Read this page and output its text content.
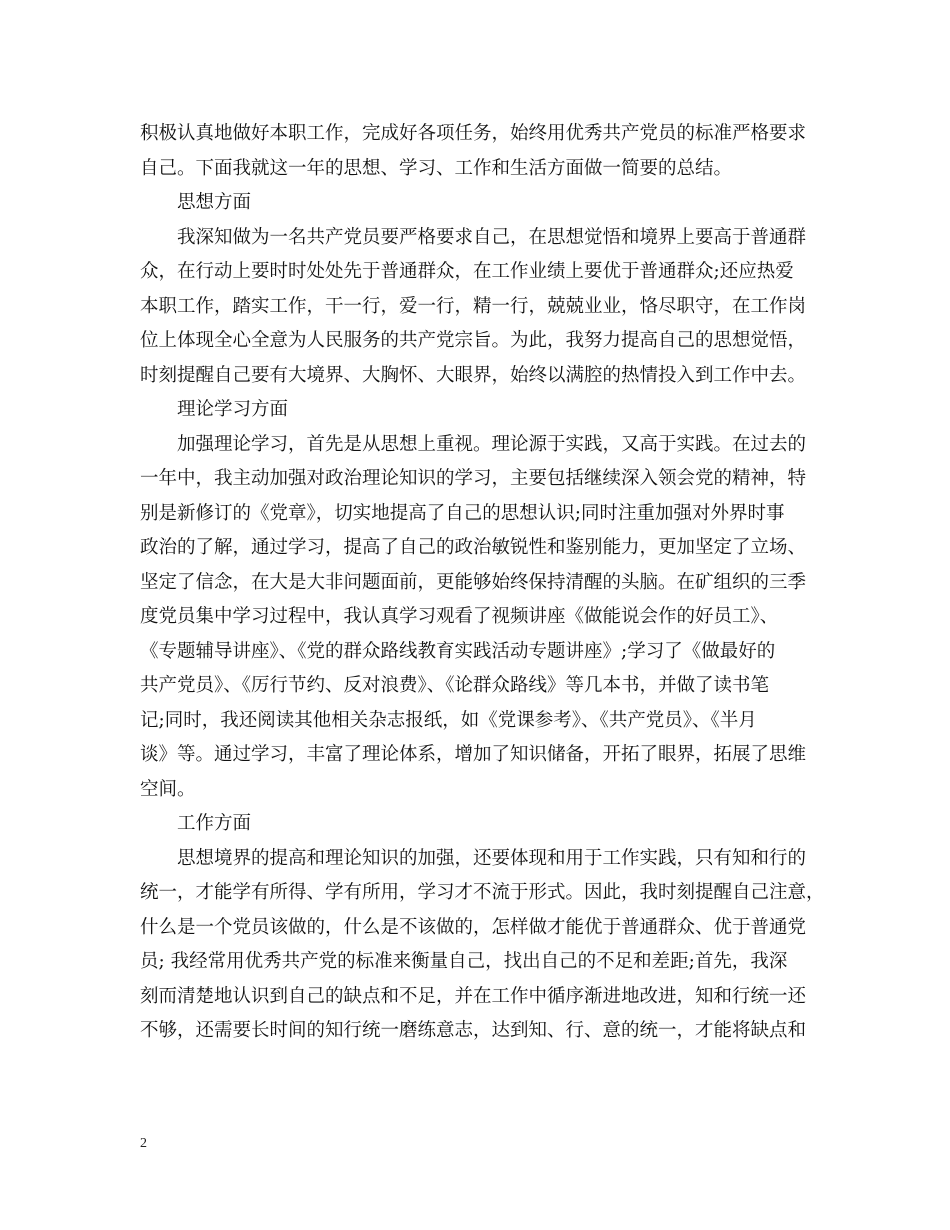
积极认真地做好本职工作，完成好各项任务，始终用优秀共产党员的标准严格要求
自己。下面我就这一年的思想、学习、工作和生活方面做一简要的总结。
思想方面
我深知做为一名共产党员要严格要求自己，在思想觉悟和境界上要高于普通群
众，在行动上要时时处处先于普通群众，在工作业绩上要优于普通群众;还应热爱
本职工作，踏实工作，干一行，爱一行，精一行，兢兢业业，恪尽职守，在工作岗
位上体现全心全意为人民服务的共产党宗旨。为此，我努力提高自己的思想觉悟，
时刻提醒自己要有大境界、大胸怀、大眼界，始终以满腔的热情投入到工作中去。
理论学习方面
加强理论学习，首先是从思想上重视。理论源于实践，又高于实践。在过去的
一年中，我主动加强对政治理论知识的学习，主要包括继续深入领会党的精神，特
别是新修订的《党章》，切实地提高了自己的思想认识;同时注重加强对外界时事
政治的了解，通过学习，提高了自己的政治敏锐性和鉴别能力，更加坚定了立场、
坚定了信念，在大是大非问题面前，更能够始终保持清醒的头脑。在矿组织的三季
度党员集中学习过程中，我认真学习观看了视频讲座《做能说会作的好员工》、
《专题辅导讲座》、《党的群众路线教育实践活动专题讲座》;学习了《做最好的
共产党员》、《厉行节约、反对浪费》、《论群众路线》等几本书，并做了读书笔
记;同时，我还阅读其他相关杂志报纸，如《党课参考》、《共产党员》、《半月
谈》等。通过学习，丰富了理论体系，增加了知识储备，开拓了眼界，拓展了思维
空间。
工作方面
思想境界的提高和理论知识的加强，还要体现和用于工作实践，只有知和行的
统一，才能学有所得、学有所用，学习才不流于形式。因此，我时刻提醒自己注意，
什么是一个党员该做的，什么是不该做的，怎样做才能优于普通群众、优于普通党
员; 我经常用优秀共产党的标准来衡量自己，找出自己的不足和差距;首先，我深
刻而清楚地认识到自己的缺点和不足，并在工作中循序渐进地改进，知和行统一还
不够，还需要长时间的知行统一磨练意志，达到知、行、意的统一，才能将缺点和
2
